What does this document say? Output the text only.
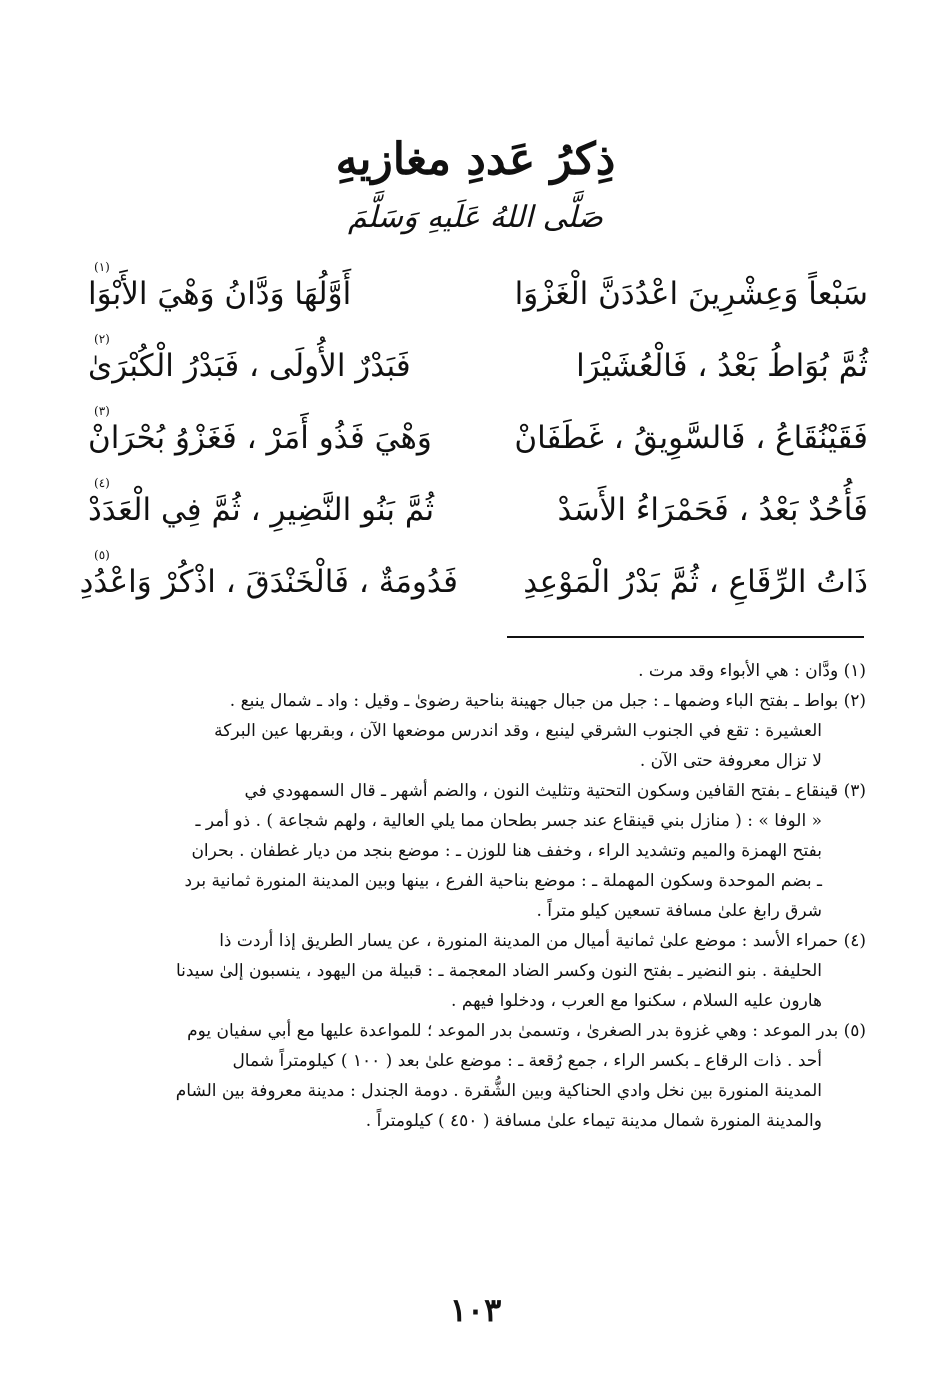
ذِكرُ عَددِ مغازيهِ
صَلَّى اللهُ عَلَيهِ وَسَلَّمَ
سَبْعاً وَعِشْرِينَ اعْدُدَنَّ الْغَزْوَا
أَوَّلُهَا وَدَّانُ وَهْيَ الأَبْوَا
(١)
ثُمَّ بُوَاطُ بَعْدُ ، فَالْعُشَيْرَا
فَبَدْرٌ الأُولَى ، فَبَدْرُ الْكُبْرَىٰ
(٢)
فَقَيْنُقَاعُ ، فَالسَّوِيقُ ، غَطَفَانْ
وَهْيَ فَذُو أَمَرْ ، فَغَزْوُ بُحْرَانْ
(٣)
فَأُحُدٌ بَعْدُ ، فَحَمْرَاءُ الأَسَدْ
ثُمَّ بَنُو النَّضِيرِ ، ثُمَّ فِي الْعَدَدْ
(٤)
ذَاتُ الرِّقَاعِ ، ثُمَّ بَدْرُ الْمَوْعِدِ
فَدُومَةٌ ، فَالْخَنْدَقَ ، اذْكُرْ وَاعْدُدِ
(٥)
(١) ودَّان : هي الأبواء وقد مرت .
(٢) بواط ـ بفتح الباء وضمها ـ : جبل من جبال جهينة بناحية رضوىٰ ـ وقيل : واد ـ شمال ينبع .
العشيرة : تقع في الجنوب الشرقي لينبع ، وقد اندرس موضعها الآن ، وبقربها عين البركة
لا تزال معروفة حتى الآن .
(٣) قينقاع ـ بفتح القافين وسكون التحتية وتثليث النون ، والضم أشهر ـ قال السمهودي في
« الوفا » : ( منازل بني قينقاع عند جسر بطحان مما يلي العالية ، ولهم شجاعة ) . ذو أمر ـ
بفتح الهمزة والميم وتشديد الراء ، وخفف هنا للوزن ـ : موضع بنجد من ديار غطفان . بحران
ـ بضم الموحدة وسكون المهملة ـ : موضع بناحية الفرع ، بينها وبين المدينة المنورة ثمانية برد
شرق رابغ علىٰ مسافة تسعين كيلو متراً .
(٤) حمراء الأسد : موضع علىٰ ثمانية أميال من المدينة المنورة ، عن يسار الطريق إذا أردت ذا
الحليفة . بنو النضير ـ بفتح النون وكسر الضاد المعجمة ـ : قبيلة من اليهود ، ينسبون إلىٰ سيدنا
هارون عليه السلام ، سكنوا مع العرب ، ودخلوا فيهم .
(٥) بدر الموعد : وهي غزوة بدر الصغرىٰ ، وتسمىٰ بدر الموعد ؛ للمواعدة عليها مع أبي سفيان يوم
أحد . ذات الرقاع ـ بكسر الراء ، جمع رُقعة ـ : موضع علىٰ بعد ( ١٠٠ ) كيلومتراً شمال
المدينة المنورة بين نخل وادي الحناكية وبين الشُّقرة . دومة الجندل : مدينة معروفة بين الشام
والمدينة المنورة شمال مدينة تيماء علىٰ مسافة ( ٤٥٠ ) كيلومتراً .
١٠٣
